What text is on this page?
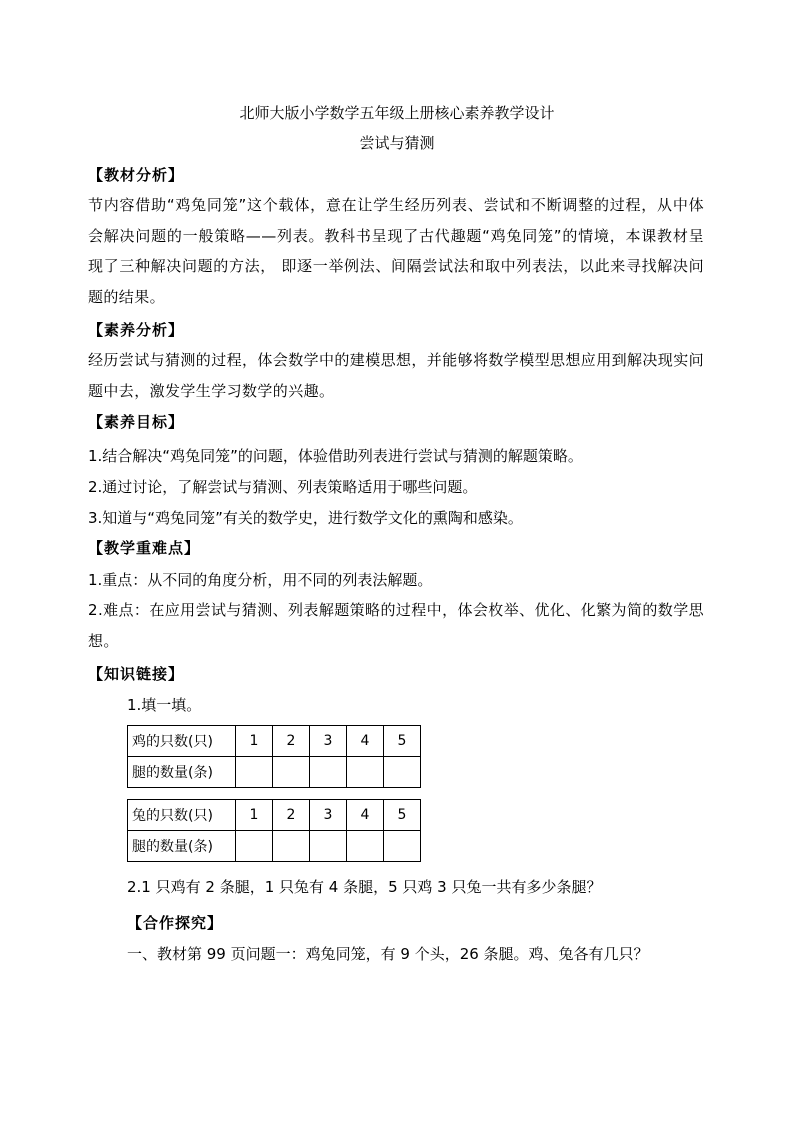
北师大版小学数学五年级上册核心素养教学设计
尝试与猜测
【教材分析】
节内容借助“鸡兔同笼”这个载体，意在让学生经历列表、尝试和不断调整的过程，从中体会解决问题的一般策略——列表。教科书呈现了古代趣题“鸡兔同笼”的情境，本课教材呈现了三种解决问题的方法， 即逐一举例法、间隔尝试法和取中列表法，以此来寻找解决问题的结果。
【素养分析】
经历尝试与猜测的过程，体会数学中的建模思想，并能够将数学模型思想应用到解决现实问题中去，激发学生学习数学的兴趣。
【素养目标】
1.结合解决“鸡兔同笼”的问题，体验借助列表进行尝试与猜测的解题策略。
2.通过讨论，了解尝试与猜测、列表策略适用于哪些问题。
3.知道与“鸡兔同笼”有关的数学史，进行数学文化的熏陶和感染。
【教学重难点】
1.重点：从不同的角度分析，用不同的列表法解题。
2.难点：在应用尝试与猜测、列表解题策略的过程中，体会枚举、优化、化繁为简的数学思想。
【知识链接】
1.填一填。
鸡的只数(只)	1	2	3	4	5
腿的数量(条)					
兔的只数(只)	1	2	3	4	5
腿的数量(条)					
2.1 只鸡有 2 条腿，1 只兔有 4 条腿，5 只鸡 3 只兔一共有多少条腿？
【合作探究】
一、教材第 99 页问题一：鸡兔同笼，有 9 个头，26 条腿。鸡、兔各有几只？
